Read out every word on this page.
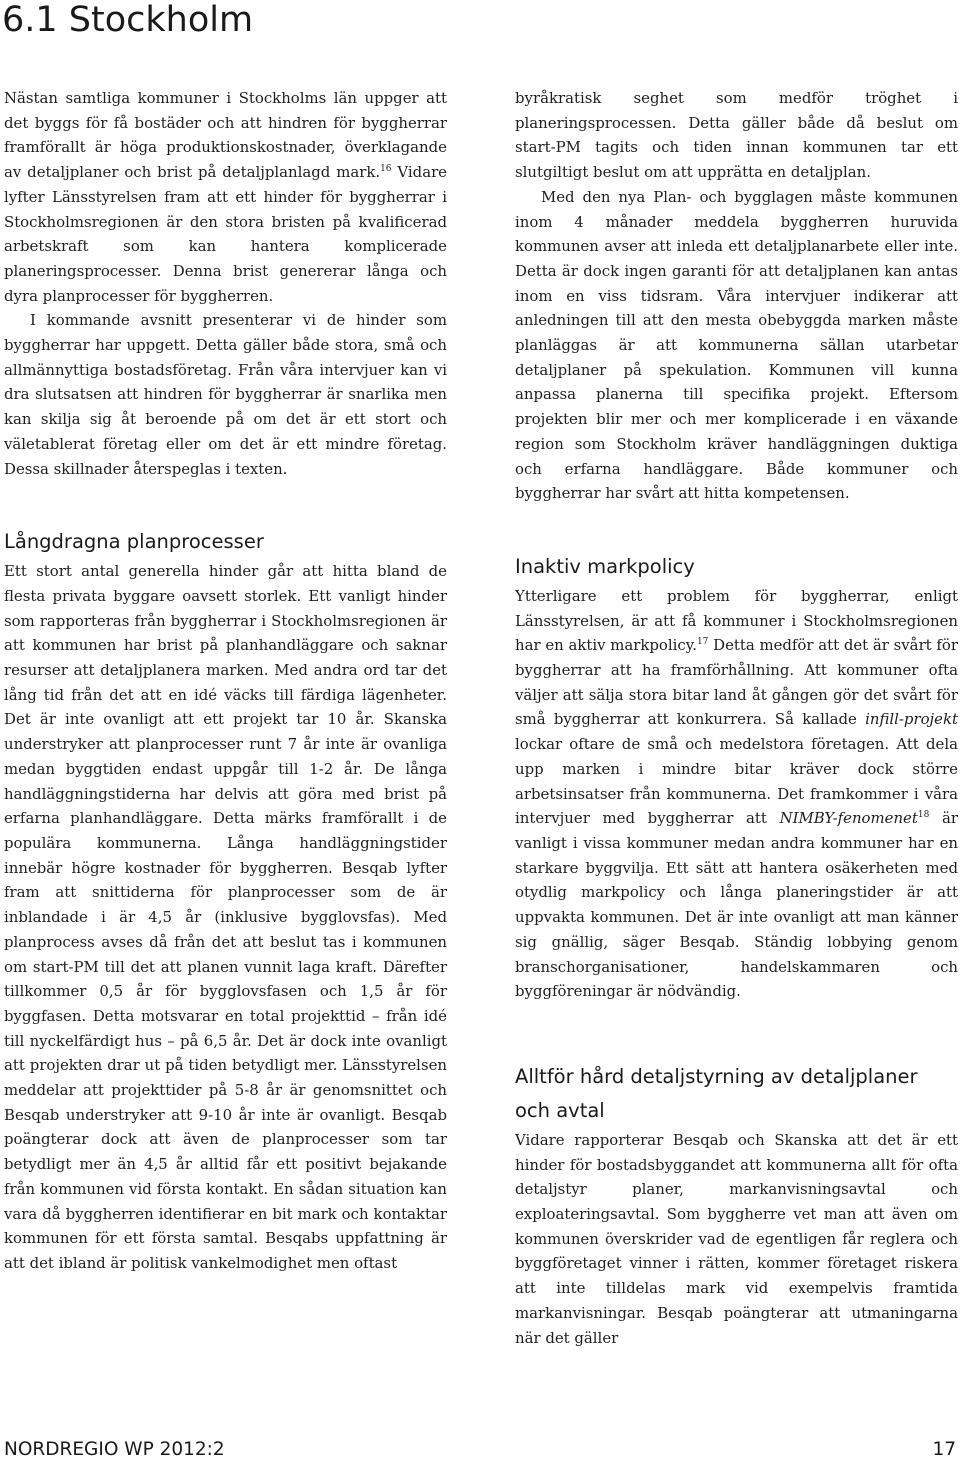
6.1 Stockholm

Nästan samtliga kommuner i Stockholms län uppger att det byggs för få bostäder och att hindren för byggherrar framförallt är höga produktionskostnader, överklagande av detaljplaner och brist på detaljplanlagd mark.$^{16}$ Vidare lyfter Länsstyrelsen fram att ett hinder för byggherrar i Stockholmsregionen är den stora bristen på kvalificerad arbetskraft som kan hantera komplicerade planeringsprocesser. Denna brist genererar långa och dyra planprocesser för byggherren.

I kommande avsnitt presenterar vi de hinder som byggherrar har uppgett. Detta gäller både stora, små och allmännyttiga bostadsföretag. Från våra intervjuer kan vi dra slutsatsen att hindren för byggherrar är snarlika men kan skilja sig åt beroende på om det är ett stort och väletablerat företag eller om det är ett mindre företag. Dessa skillnader återspeglas i texten.

Långdragna planprocesser

Ett stort antal generella hinder går att hitta bland de flesta privata byggare oavsett storlek. Ett vanligt hinder som rapporteras från byggherrar i Stockholmsregionen är att kommunen har brist på planhandläggare och saknar resurser att detaljplanera marken. Med andra ord tar det lång tid från det att en idé väcks till färdiga lägenheter. Det är inte ovanligt att ett projekt tar 10 år. Skanska understryker att planprocesser runt 7 år inte är ovanliga medan byggtiden endast uppgår till 1-2 år. De långa handläggningstiderna har delvis att göra med brist på erfarna planhandläggare. Detta märks framförallt i de populära kommunerna. Långa handläggningstider innebär högre kostnader för byggherren. Besqab lyfter fram att snittiderna för planprocesser som de är inblandade i är 4,5 år (inklusive bygglovsfas). Med planprocess avses då från det att beslut tas i kommunen om start-PM till det att planen vunnit laga kraft. Därefter tillkommer 0,5 år för bygglovsfasen och 1,5 år för byggfasen. Detta motsvarar en total projekttid – från idé till nyckelfärdigt hus – på 6,5 år. Det är dock inte ovanligt att projekten drar ut på tiden betydligt mer. Länsstyrelsen meddelar att projekttider på 5-8 år är genomsnittet och Besqab understryker att 9-10 år inte är ovanligt. Besqab poängterar dock att även de planprocesser som tar betydligt mer än 4,5 år alltid får ett positivt bejakande från kommunen vid första kontakt. En sådan situation kan vara då byggherren identifierar en bit mark och kontaktar kommunen för ett första samtal. Besqabs uppfattning är att det ibland är politisk vankelmodighet men oftast

byråkratisk seghet som medför tröghet i planeringsprocessen. Detta gäller både då beslut om start-PM tagits och tiden innan kommunen tar ett slutgiltigt beslut om att upprätta en detaljplan.

Med den nya Plan- och bygglagen måste kommunen inom 4 månader meddela byggherren huruvida kommunen avser att inleda ett detaljplanarbete eller inte. Detta är dock ingen garanti för att detaljplanen kan antas inom en viss tidsram. Våra intervjuer indikerar att anledningen till att den mesta obebyggda marken måste planläggas är att kommunerna sällan utarbetar detaljplaner på spekulation. Kommunen vill kunna anpassa planerna till specifika projekt. Eftersom projekten blir mer och mer komplicerade i en växande region som Stockholm kräver handläggningen duktiga och erfarna handläggare. Både kommuner och byggherrar har svårt att hitta kompetensen.

Inaktiv markpolicy

Ytterligare ett problem för byggherrar, enligt Länsstyrelsen, är att få kommuner i Stockholmsregionen har en aktiv markpolicy.$^{17}$ Detta medför att det är svårt för byggherrar att ha framförhållning. Att kommuner ofta väljer att sälja stora bitar land åt gången gör det svårt för små byggherrar att konkurrera. Så kallade infill-projekt lockar oftare de små och medelstora företagen. Att dela upp marken i mindre bitar kräver dock större arbetsinsatser från kommunerna. Det framkommer i våra intervjuer med byggherrar att NIMBY-fenomenet$^{18}$ är vanligt i vissa kommuner medan andra kommuner har en starkare byggvilja. Ett sätt att hantera osäkerheten med otydlig markpolicy och långa planeringstider är att uppvakta kommunen. Det är inte ovanligt att man känner sig gnällig, säger Besqab. Ständig lobbying genom branschorganisationer, handelskammaren och byggföreningar är nödvändig.

Alltför hård detaljstyrning av detaljplaner och avtal

Vidare rapporterar Besqab och Skanska att det är ett hinder för bostadsbyggandet att kommunerna allt för ofta detaljstyr planer, markanvisningsavtal och exploateringsavtal. Som byggherre vet man att även om kommunen överskrider vad de egentligen får reglera och byggföretaget vinner i rätten, kommer företaget riskera att inte tilldelas mark vid exempelvis framtida markanvisningar. Besqab poängterar att utmaningarna när det gäller

NORDREGIO WP 2012:2	17
